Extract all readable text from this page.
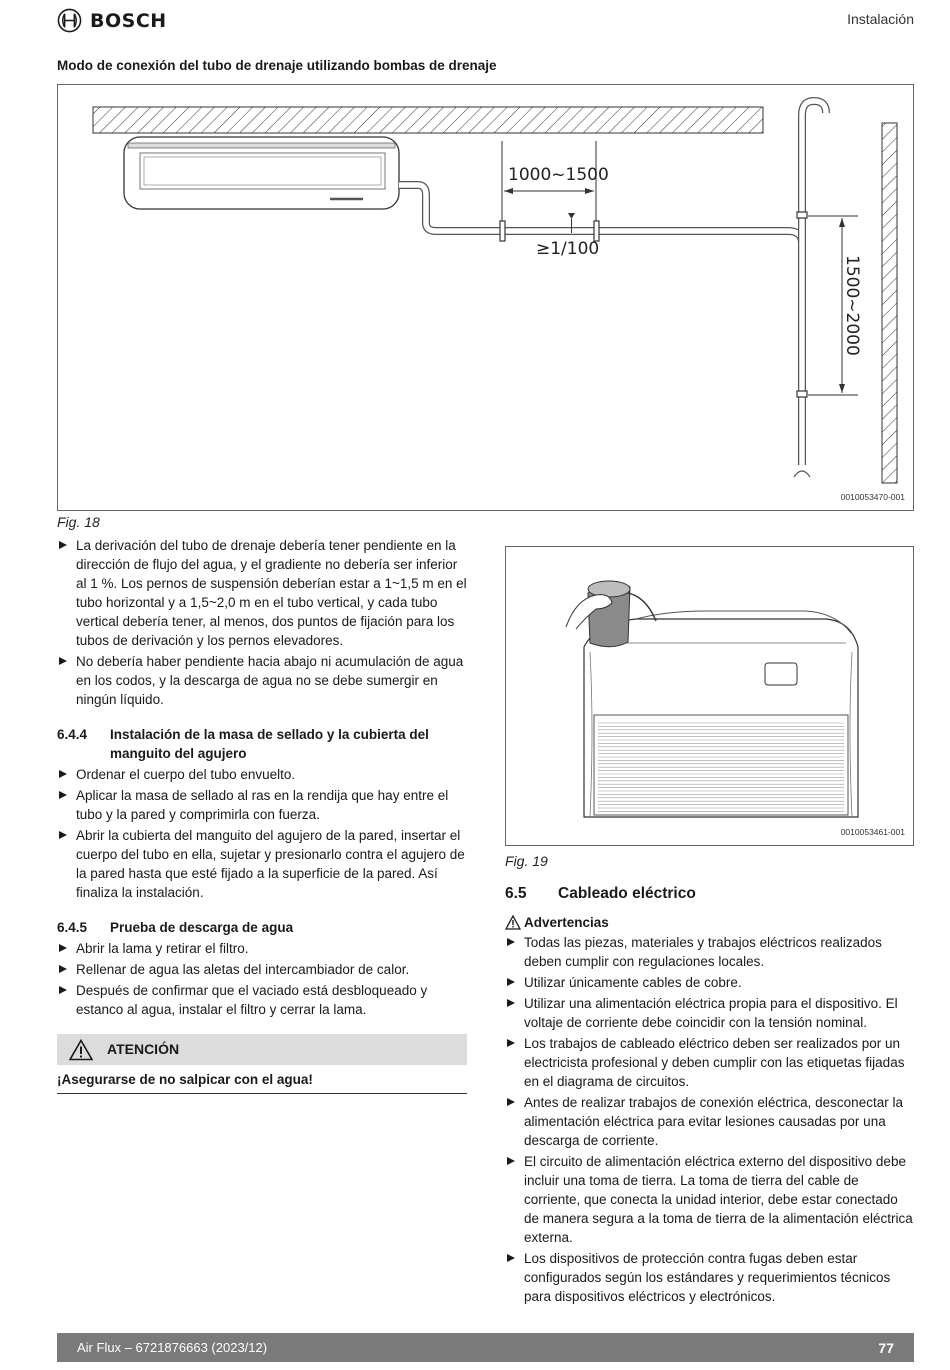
BOSCH	Instalación
Modo de conexión del tubo de drenaje utilizando bombas de drenaje
1000~1500
≥1/100
1500~2000
0010053470-001
Fig. 18
La derivación del tubo de drenaje debería tener pendiente en la dirección de flujo del agua, y el gradiente no debería ser inferior al 1 %. Los pernos de suspensión deberían estar a 1~1,5 m en el tubo horizontal y a 1,5~2,0 m en el tubo vertical, y cada tubo vertical debería tener, al menos, dos puntos de fijación para los tubos de derivación y los pernos elevadores.
No debería haber pendiente hacia abajo ni acumulación de agua en los codos, y la descarga de agua no se debe sumergir en ningún líquido.
6.4.4	Instalación de la masa de sellado y la cubierta del manguito del agujero
Ordenar el cuerpo del tubo envuelto.
Aplicar la masa de sellado al ras en la rendija que hay entre el tubo y la pared y comprimirla con fuerza.
Abrir la cubierta del manguito del agujero de la pared, insertar el cuerpo del tubo en ella, sujetar y presionarlo contra el agujero de la pared hasta que esté fijado a la superficie de la pared. Así finaliza la instalación.
6.4.5	Prueba de descarga de agua
Abrir la lama y retirar el filtro.
Rellenar de agua las aletas del intercambiador de calor.
Después de confirmar que el vaciado está desbloqueado y estanco al agua, instalar el filtro y cerrar la lama.
ATENCIÓN
¡Asegurarse de no salpicar con el agua!
0010053461-001
Fig. 19
6.5	Cableado eléctrico
Advertencias
Todas las piezas, materiales y trabajos eléctricos realizados deben cumplir con regulaciones locales.
Utilizar únicamente cables de cobre.
Utilizar una alimentación eléctrica propia para el dispositivo. El voltaje de corriente debe coincidir con la tensión nominal.
Los trabajos de cableado eléctrico deben ser realizados por un electricista profesional y deben cumplir con las etiquetas fijadas en el diagrama de circuitos.
Antes de realizar trabajos de conexión eléctrica, desconectar la alimentación eléctrica para evitar lesiones causadas por una descarga de corriente.
El circuito de alimentación eléctrica externo del dispositivo debe incluir una toma de tierra. La toma de tierra del cable de corriente, que conecta la unidad interior, debe estar conectado de manera segura a la toma de tierra de la alimentación eléctrica externa.
Los dispositivos de protección contra fugas deben estar configurados según los estándares y requerimientos técnicos para dispositivos eléctricos y electrónicos.
Air Flux – 6721876663 (2023/12)	77
